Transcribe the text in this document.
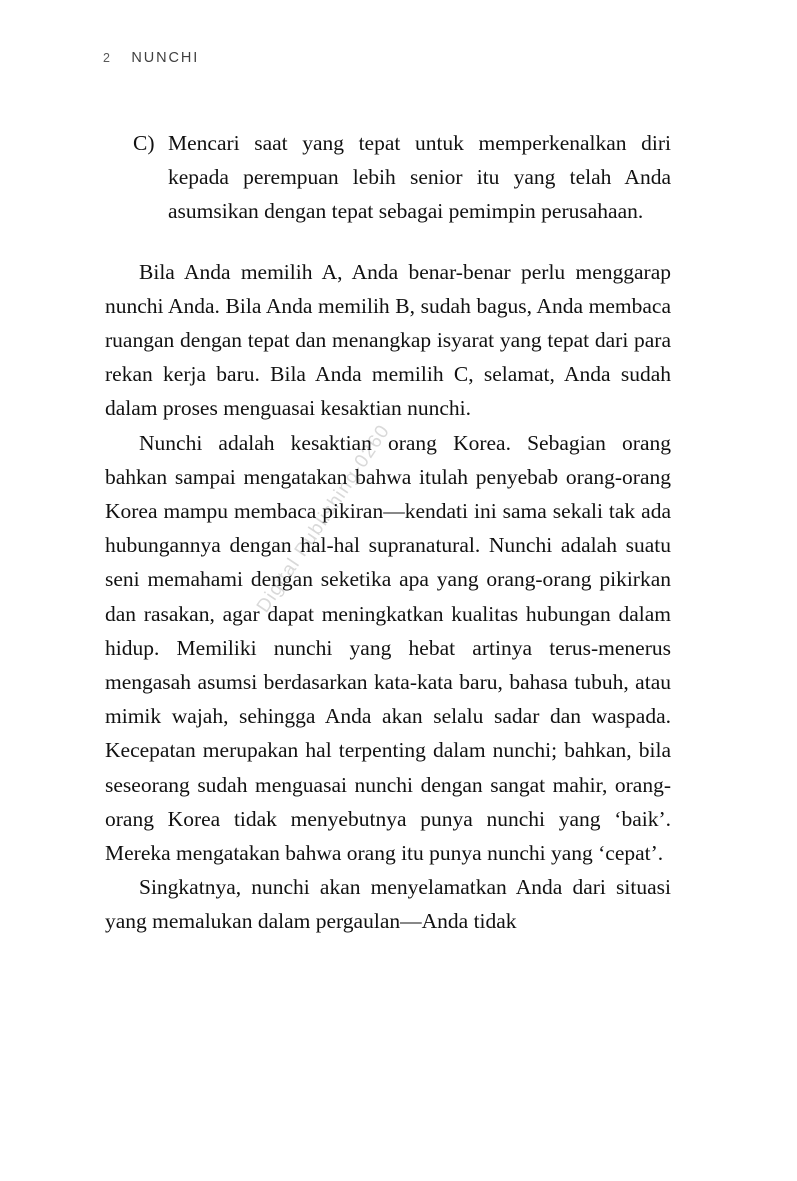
2 NUNCHI
Digital Publishing-0260
C) Mencari saat yang tepat untuk memperkenalkan diri kepada perempuan lebih senior itu yang telah Anda asumsikan dengan tepat sebagai pemimpin perusahaan.

Bila Anda memilih A, Anda benar-benar perlu menggarap nunchi Anda. Bila Anda memilih B, sudah bagus, Anda membaca ruangan dengan tepat dan menangkap isyarat yang tepat dari para rekan kerja baru. Bila Anda memilih C, selamat, Anda sudah dalam proses menguasai kesaktian nunchi.

Nunchi adalah kesaktian orang Korea. Sebagian orang bahkan sampai mengatakan bahwa itulah penyebab orang-orang Korea mampu membaca pikiran—kendati ini sama sekali tak ada hubungannya dengan hal-hal supranatural. Nunchi adalah suatu seni memahami dengan seketika apa yang orang-orang pikirkan dan rasakan, agar dapat meningkatkan kualitas hubungan dalam hidup. Memiliki nunchi yang hebat artinya terus-menerus mengasah asumsi berdasarkan kata-kata baru, bahasa tubuh, atau mimik wajah, sehingga Anda akan selalu sadar dan waspada. Kecepatan merupakan hal terpenting dalam nunchi; bahkan, bila seseorang sudah menguasai nunchi dengan sangat mahir, orang-orang Korea tidak menyebutnya punya nunchi yang ‘baik’. Mereka mengatakan bahwa orang itu punya nunchi yang ‘cepat’.

Singkatnya, nunchi akan menyelamatkan Anda dari situasi yang memalukan dalam pergaulan—Anda tidak
